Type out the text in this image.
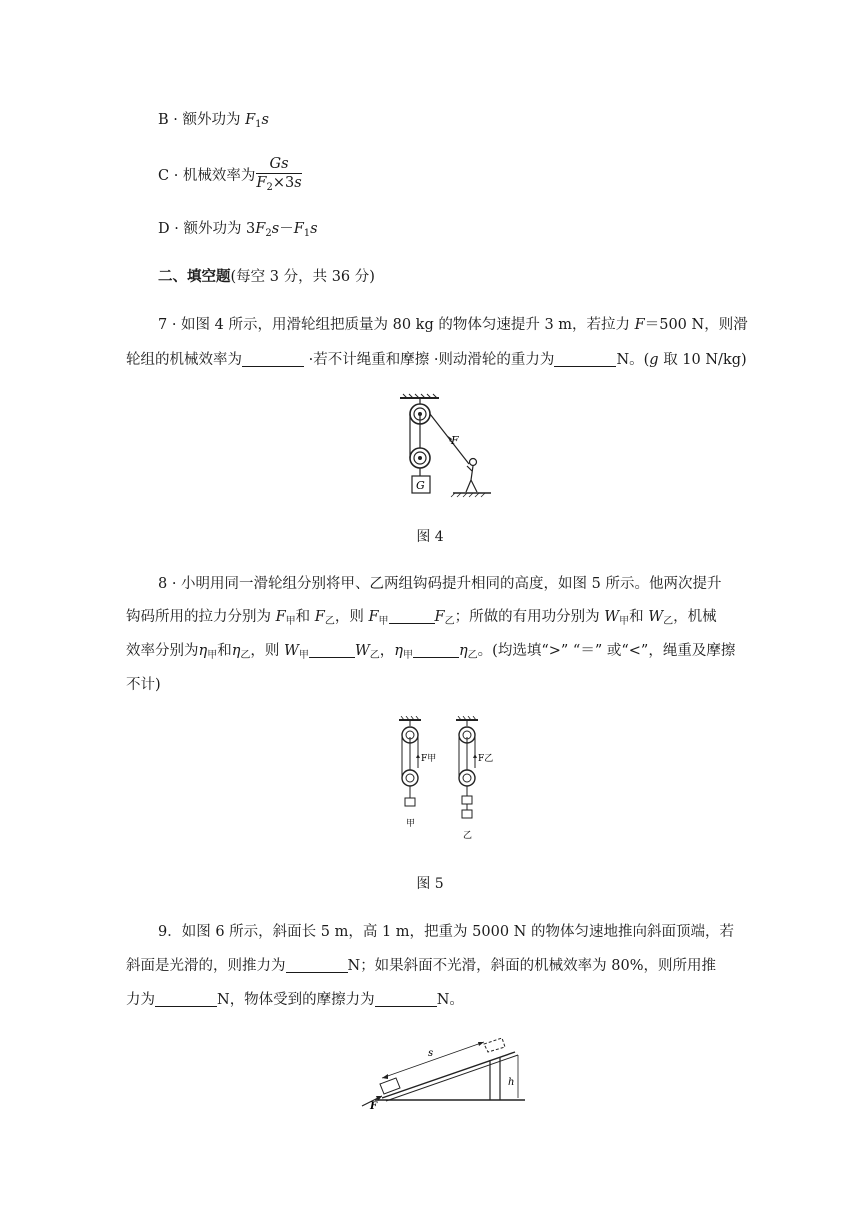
B · 额外功为 $F_1s$
C · 机械效率为 $\frac{Gs}{F_2\times 3s}$
D · 额外功为 $3F_2s-F_1s$
二、填空题(每空 3 分，共 36 分)
7 · 如图 4 所示，用滑轮组把质量为 80 kg 的物体匀速提升 3 m，若拉力 F＝500 N，则滑
轮组的机械效率为	·若不计绳重和摩擦 ·则动滑轮的重力为	N。(g 取 10 N/kg)
F
G
图 4
8 · 小明用同一滑轮组分别将甲、乙两组钩码提升相同的高度，如图 5 所示。他两次提升
钩码所用的拉力分别为 $F_甲$和 $F_乙$，则 $F_甲$	$F_乙$；所做的有用功分别为 $W_甲$和 $W_乙$，机械
效率分别为$\eta_甲$和$\eta_乙$，则 $W_甲$	$W_乙$，$\eta_甲$	$\eta_乙$。(均选填“>” “＝” 或“<”，绳重及摩擦
不计)
F甲
甲
F乙
乙
图 5
9．如图 6 所示，斜面长 5 m，高 1 m，把重为 5000 N 的物体匀速地推向斜面顶端，若
斜面是光滑的，则推力为	N；如果斜面不光滑，斜面的机械效率为 80%，则所用推
力为	N，物体受到的摩擦力为	N。
s
h
F
